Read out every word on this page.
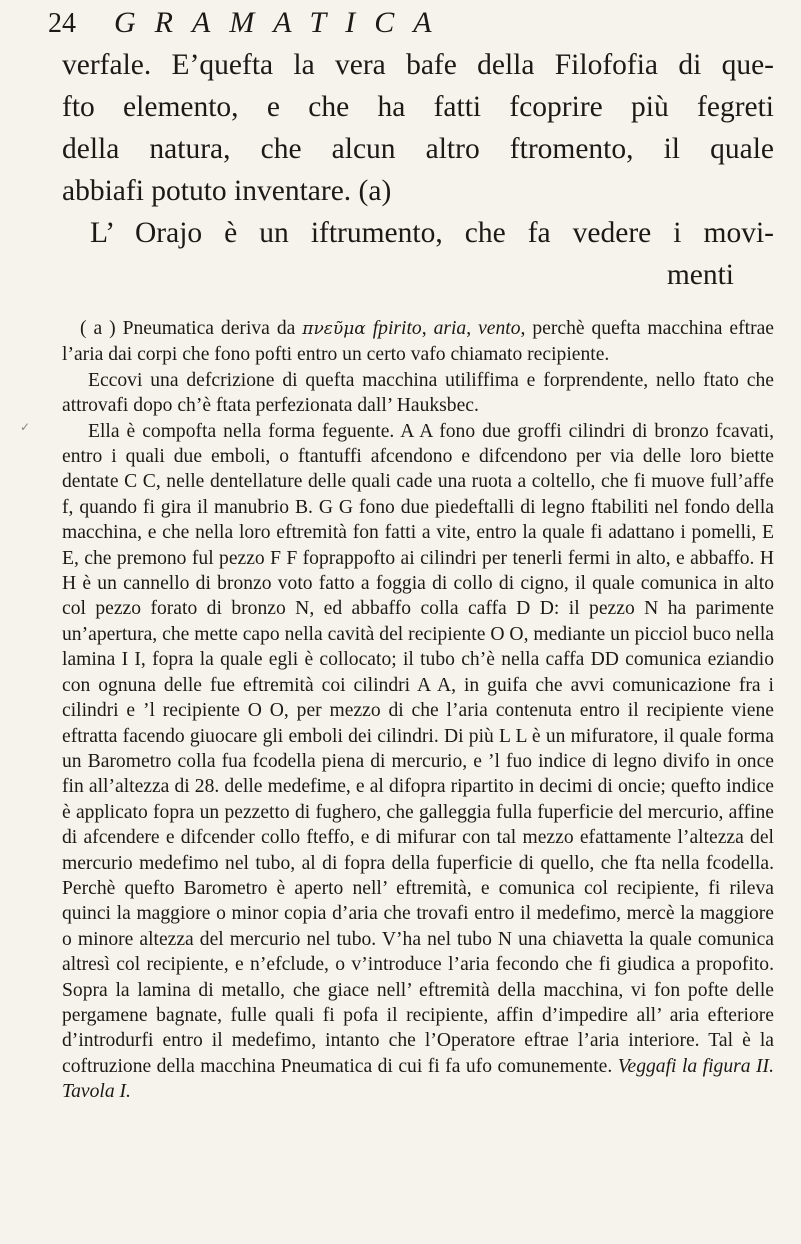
24	GRAMATICA
verfale. E’quefta la vera bafe della Filofofia di que-
fto elemento, e che ha fatti fcoprire più fegreti
della natura, che alcun altro ftromento, il quale
abbiafi potuto inventare. (a)
L’ Orajo è un iftrumento, che fa vedere i movi-
menti
✓

( a ) Pneumatica deriva da πνεῦμα fpirito, aria, vento, perchè quefta macchina eftrae l’aria dai corpi che fono pofti entro un certo vafo chiamato recipiente.

Eccovi una defcrizione di quefta macchina utiliffima e forprendente, nello ftato che attrovafi dopo ch’è ftata perfezionata dall’ Hauksbec.

Ella è compofta nella forma feguente. A A fono due groffi cilindri di bronzo fcavati, entro i quali due emboli, o ftantuffi afcendono e difcendono per via delle loro biette dentate C C, nelle dentellature delle quali cade una ruota a coltello, che fi muove full’affe f, quando fi gira il manubrio B. G G fono due piedeftalli di legno ftabiliti nel fondo della macchina, e che nella loro eftremità fon fatti a vite, entro la quale fi adattano i pomelli, E E, che premono ful pezzo F F foprappofto ai cilindri per tenerli fermi in alto, e abbaffo. H H è un cannello di bronzo voto fatto a foggia di collo di cigno, il quale comunica in alto col pezzo forato di bronzo N, ed abbaffo colla caffa D D: il pezzo N ha parimente un’apertura, che mette capo nella cavità del recipiente O O, mediante un picciol buco nella lamina I I, fopra la quale egli è collocato; il tubo ch’è nella caffa DD comunica eziandio con ognuna delle fue eftremità coi cilindri A A, in guifa che avvi comunicazione fra i cilindri e ’l recipiente O O, per mezzo di che l’aria contenuta entro il recipiente viene eftratta facendo giuocare gli emboli dei cilindri. Di più L L è un mifuratore, il quale forma un Barometro colla fua fcodella piena di mercurio, e ’l fuo indice di legno divifo in once fin all’altezza di 28. delle medefime, e al difopra ripartito in decimi di oncie; quefto indice è applicato fopra un pezzetto di fughero, che galleggia fulla fuperficie del mercurio, affine di afcendere e difcender collo fteffo, e di mifurar con tal mezzo efattamente l’altezza del mercurio medefimo nel tubo, al di fopra della fuperficie di quello, che fta nella fcodella. Perchè quefto Barometro è aperto nell’ eftremità, e comunica col recipiente, fi rileva quinci la maggiore o minor copia d’aria che trovafi entro il medefimo, mercè la maggiore o minore altezza del mercurio nel tubo. V’ha nel tubo N una chiavetta la quale comunica altresì col recipiente, e n’efclude, o v’introduce l’aria fecondo che fi giudica a propofito. Sopra la lamina di metallo, che giace nell’ eftremità della macchina, vi fon pofte delle pergamene bagnate, fulle quali fi pofa il recipiente, affin d’impedire all’ aria efteriore d’introdurfi entro il medefimo, intanto che l’Operatore eftrae l’aria interiore. Tal è la coftruzione della macchina Pneumatica di cui fi fa ufo comunemente. Veggafi la figura II. Tavola I.
